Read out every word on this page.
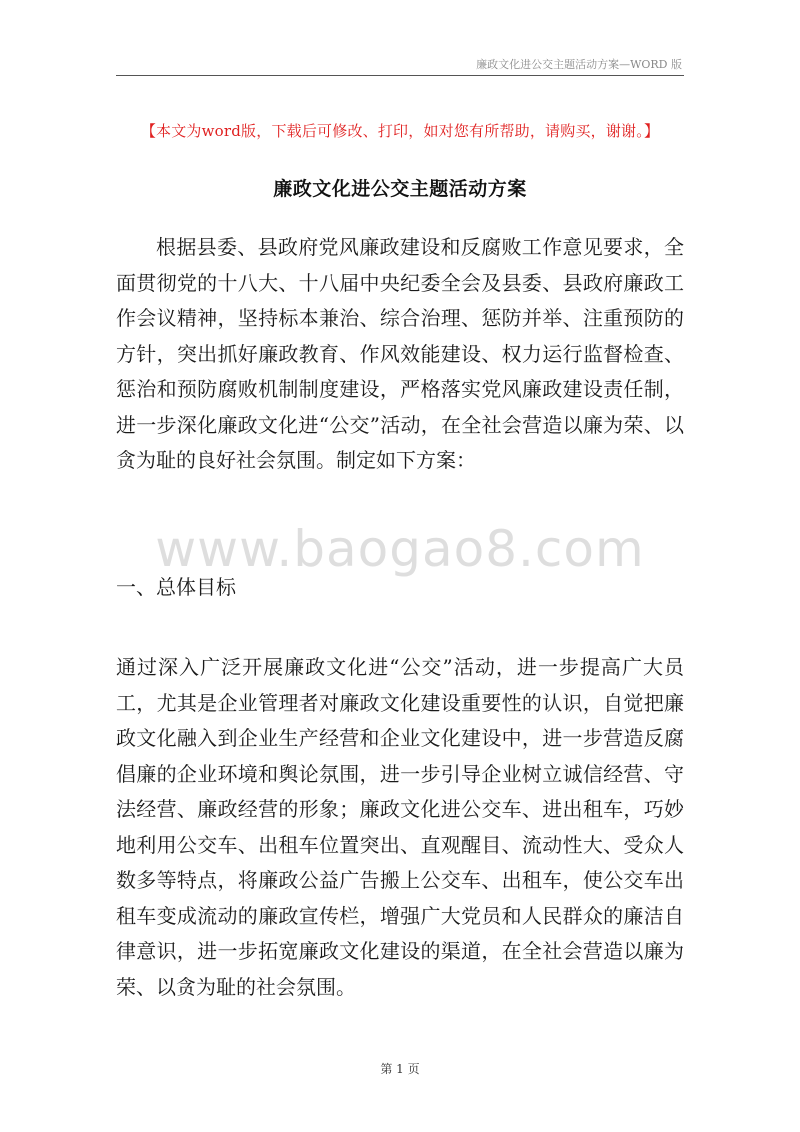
廉政文化进公交主题活动方案—WORD 版
【本文为word版，下载后可修改、打印，如对您有所帮助，请购买，谢谢。】
廉政文化进公交主题活动方案

根据县委、县政府党风廉政建设和反腐败工作意见要求，全面贯彻党的十八大、十八届中央纪委全会及县委、县政府廉政工作会议精神，坚持标本兼治、综合治理、惩防并举、注重预防的方针，突出抓好廉政教育、作风效能建设、权力运行监督检查、惩治和预防腐败机制制度建设，严格落实党风廉政建设责任制，进一步深化廉政文化进“公交”活动，在全社会营造以廉为荣、以贪为耻的良好社会氛围。制定如下方案：

www.baogao8.com
一、总体目标

通过深入广泛开展廉政文化进“公交”活动，进一步提高广大员工，尤其是企业管理者对廉政文化建设重要性的认识，自觉把廉政文化融入到企业生产经营和企业文化建设中，进一步营造反腐倡廉的企业环境和舆论氛围，进一步引导企业树立诚信经营、守法经营、廉政经营的形象；廉政文化进公交车、进出租车，巧妙地利用公交车、出租车位置突出、直观醒目、流动性大、受众人数多等特点，将廉政公益广告搬上公交车、出租车，使公交车出租车变成流动的廉政宣传栏，增强广大党员和人民群众的廉洁自律意识，进一步拓宽廉政文化建设的渠道，在全社会营造以廉为荣、以贪为耻的社会氛围。

第 1 页
